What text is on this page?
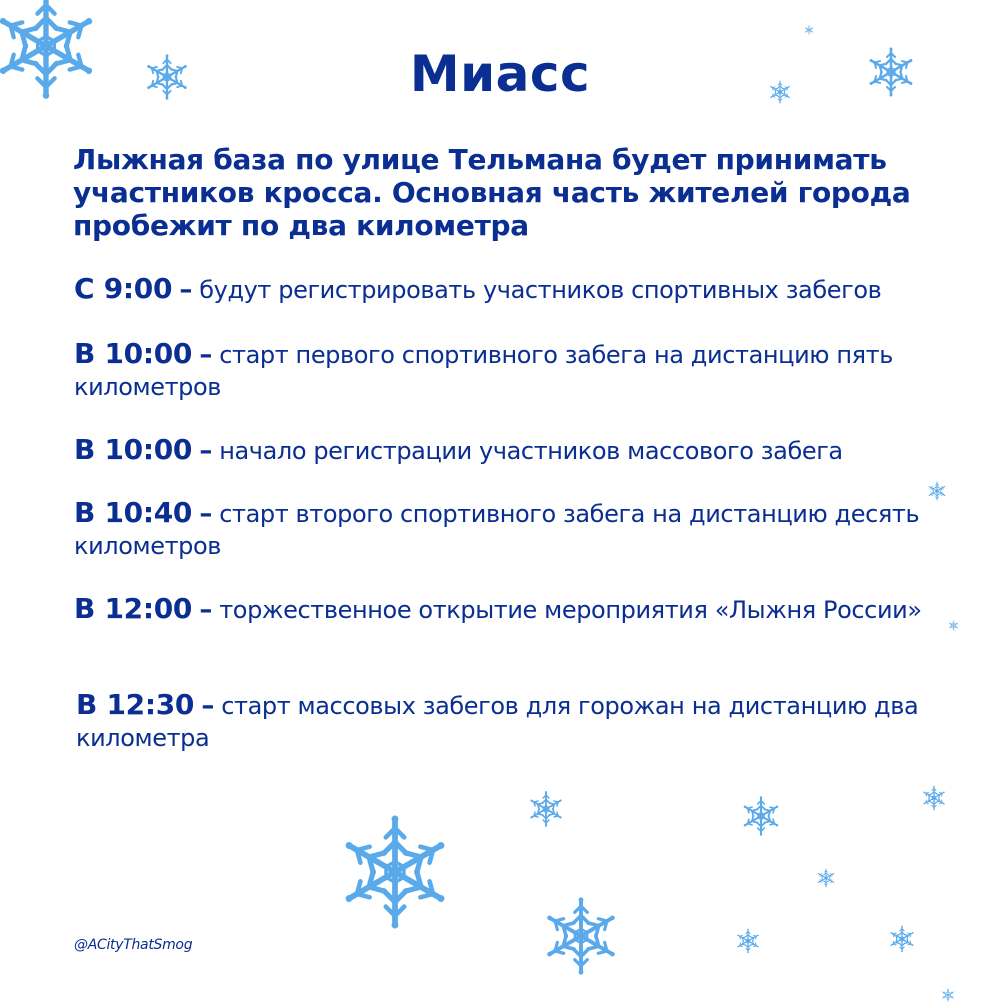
Миасс

Лыжная база по улице Тельмана будет принимать участников кросса. Основная часть жителей города пробежит по два километра

С 9:00 – будут регистрировать участников спортивных забегов
В 10:00 – старт первого спортивного забега на дистанцию пять километров
В 10:00 – начало регистрации участников массового забега
В 10:40 – старт второго спортивного забега на дистанцию десять километров
В 12:00 – торжественное открытие мероприятия «Лыжня России»
В 12:30 – старт массовых забегов для горожан на дистанцию два километра
@ACityThatSmog
